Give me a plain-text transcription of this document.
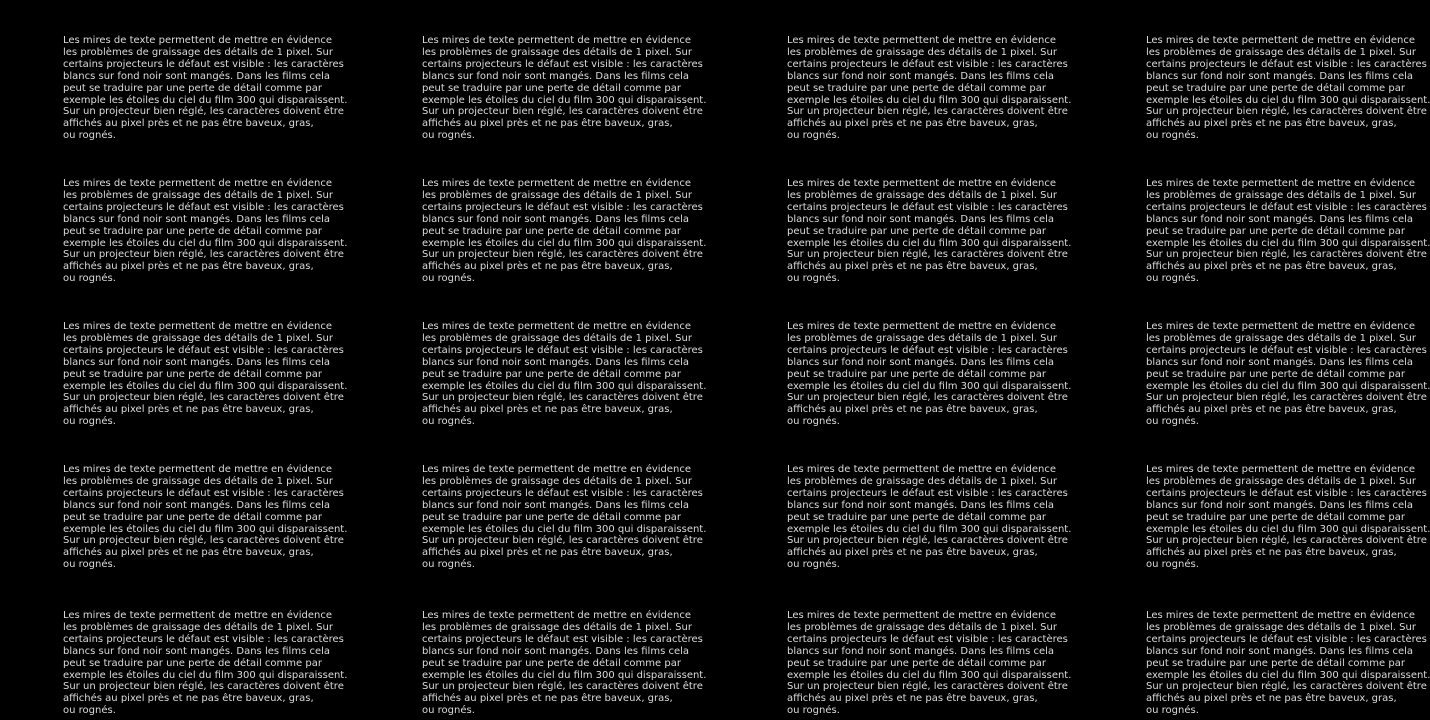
Les mires de texte permettent de mettre en évidence
les problèmes de graissage des détails de 1 pixel. Sur
certains projecteurs le défaut est visible : les caractères
blancs sur fond noir sont mangés. Dans les films cela
peut se traduire par une perte de détail comme par
exemple les étoiles du ciel du film 300 qui disparaissent.
Sur un projecteur bien réglé, les caractères doivent être
affichés au pixel près et ne pas être baveux, gras,
ou rognés.
Les mires de texte permettent de mettre en évidence
les problèmes de graissage des détails de 1 pixel. Sur
certains projecteurs le défaut est visible : les caractères
blancs sur fond noir sont mangés. Dans les films cela
peut se traduire par une perte de détail comme par
exemple les étoiles du ciel du film 300 qui disparaissent.
Sur un projecteur bien réglé, les caractères doivent être
affichés au pixel près et ne pas être baveux, gras,
ou rognés.
Les mires de texte permettent de mettre en évidence
les problèmes de graissage des détails de 1 pixel. Sur
certains projecteurs le défaut est visible : les caractères
blancs sur fond noir sont mangés. Dans les films cela
peut se traduire par une perte de détail comme par
exemple les étoiles du ciel du film 300 qui disparaissent.
Sur un projecteur bien réglé, les caractères doivent être
affichés au pixel près et ne pas être baveux, gras,
ou rognés.
Les mires de texte permettent de mettre en évidence
les problèmes de graissage des détails de 1 pixel. Sur
certains projecteurs le défaut est visible : les caractères
blancs sur fond noir sont mangés. Dans les films cela
peut se traduire par une perte de détail comme par
exemple les étoiles du ciel du film 300 qui disparaissent.
Sur un projecteur bien réglé, les caractères doivent être
affichés au pixel près et ne pas être baveux, gras,
ou rognés.
Les mires de texte permettent de mettre en évidence
les problèmes de graissage des détails de 1 pixel. Sur
certains projecteurs le défaut est visible : les caractères
blancs sur fond noir sont mangés. Dans les films cela
peut se traduire par une perte de détail comme par
exemple les étoiles du ciel du film 300 qui disparaissent.
Sur un projecteur bien réglé, les caractères doivent être
affichés au pixel près et ne pas être baveux, gras,
ou rognés.
Les mires de texte permettent de mettre en évidence
les problèmes de graissage des détails de 1 pixel. Sur
certains projecteurs le défaut est visible : les caractères
blancs sur fond noir sont mangés. Dans les films cela
peut se traduire par une perte de détail comme par
exemple les étoiles du ciel du film 300 qui disparaissent.
Sur un projecteur bien réglé, les caractères doivent être
affichés au pixel près et ne pas être baveux, gras,
ou rognés.
Les mires de texte permettent de mettre en évidence
les problèmes de graissage des détails de 1 pixel. Sur
certains projecteurs le défaut est visible : les caractères
blancs sur fond noir sont mangés. Dans les films cela
peut se traduire par une perte de détail comme par
exemple les étoiles du ciel du film 300 qui disparaissent.
Sur un projecteur bien réglé, les caractères doivent être
affichés au pixel près et ne pas être baveux, gras,
ou rognés.
Les mires de texte permettent de mettre en évidence
les problèmes de graissage des détails de 1 pixel. Sur
certains projecteurs le défaut est visible : les caractères
blancs sur fond noir sont mangés. Dans les films cela
peut se traduire par une perte de détail comme par
exemple les étoiles du ciel du film 300 qui disparaissent.
Sur un projecteur bien réglé, les caractères doivent être
affichés au pixel près et ne pas être baveux, gras,
ou rognés.
Les mires de texte permettent de mettre en évidence
les problèmes de graissage des détails de 1 pixel. Sur
certains projecteurs le défaut est visible : les caractères
blancs sur fond noir sont mangés. Dans les films cela
peut se traduire par une perte de détail comme par
exemple les étoiles du ciel du film 300 qui disparaissent.
Sur un projecteur bien réglé, les caractères doivent être
affichés au pixel près et ne pas être baveux, gras,
ou rognés.
Les mires de texte permettent de mettre en évidence
les problèmes de graissage des détails de 1 pixel. Sur
certains projecteurs le défaut est visible : les caractères
blancs sur fond noir sont mangés. Dans les films cela
peut se traduire par une perte de détail comme par
exemple les étoiles du ciel du film 300 qui disparaissent.
Sur un projecteur bien réglé, les caractères doivent être
affichés au pixel près et ne pas être baveux, gras,
ou rognés.
Les mires de texte permettent de mettre en évidence
les problèmes de graissage des détails de 1 pixel. Sur
certains projecteurs le défaut est visible : les caractères
blancs sur fond noir sont mangés. Dans les films cela
peut se traduire par une perte de détail comme par
exemple les étoiles du ciel du film 300 qui disparaissent.
Sur un projecteur bien réglé, les caractères doivent être
affichés au pixel près et ne pas être baveux, gras,
ou rognés.
Les mires de texte permettent de mettre en évidence
les problèmes de graissage des détails de 1 pixel. Sur
certains projecteurs le défaut est visible : les caractères
blancs sur fond noir sont mangés. Dans les films cela
peut se traduire par une perte de détail comme par
exemple les étoiles du ciel du film 300 qui disparaissent.
Sur un projecteur bien réglé, les caractères doivent être
affichés au pixel près et ne pas être baveux, gras,
ou rognés.
Les mires de texte permettent de mettre en évidence
les problèmes de graissage des détails de 1 pixel. Sur
certains projecteurs le défaut est visible : les caractères
blancs sur fond noir sont mangés. Dans les films cela
peut se traduire par une perte de détail comme par
exemple les étoiles du ciel du film 300 qui disparaissent.
Sur un projecteur bien réglé, les caractères doivent être
affichés au pixel près et ne pas être baveux, gras,
ou rognés.
Les mires de texte permettent de mettre en évidence
les problèmes de graissage des détails de 1 pixel. Sur
certains projecteurs le défaut est visible : les caractères
blancs sur fond noir sont mangés. Dans les films cela
peut se traduire par une perte de détail comme par
exemple les étoiles du ciel du film 300 qui disparaissent.
Sur un projecteur bien réglé, les caractères doivent être
affichés au pixel près et ne pas être baveux, gras,
ou rognés.
Les mires de texte permettent de mettre en évidence
les problèmes de graissage des détails de 1 pixel. Sur
certains projecteurs le défaut est visible : les caractères
blancs sur fond noir sont mangés. Dans les films cela
peut se traduire par une perte de détail comme par
exemple les étoiles du ciel du film 300 qui disparaissent.
Sur un projecteur bien réglé, les caractères doivent être
affichés au pixel près et ne pas être baveux, gras,
ou rognés.
Les mires de texte permettent de mettre en évidence
les problèmes de graissage des détails de 1 pixel. Sur
certains projecteurs le défaut est visible : les caractères
blancs sur fond noir sont mangés. Dans les films cela
peut se traduire par une perte de détail comme par
exemple les étoiles du ciel du film 300 qui disparaissent.
Sur un projecteur bien réglé, les caractères doivent être
affichés au pixel près et ne pas être baveux, gras,
ou rognés.
Les mires de texte permettent de mettre en évidence
les problèmes de graissage des détails de 1 pixel. Sur
certains projecteurs le défaut est visible : les caractères
blancs sur fond noir sont mangés. Dans les films cela
peut se traduire par une perte de détail comme par
exemple les étoiles du ciel du film 300 qui disparaissent.
Sur un projecteur bien réglé, les caractères doivent être
affichés au pixel près et ne pas être baveux, gras,
ou rognés.
Les mires de texte permettent de mettre en évidence
les problèmes de graissage des détails de 1 pixel. Sur
certains projecteurs le défaut est visible : les caractères
blancs sur fond noir sont mangés. Dans les films cela
peut se traduire par une perte de détail comme par
exemple les étoiles du ciel du film 300 qui disparaissent.
Sur un projecteur bien réglé, les caractères doivent être
affichés au pixel près et ne pas être baveux, gras,
ou rognés.
Les mires de texte permettent de mettre en évidence
les problèmes de graissage des détails de 1 pixel. Sur
certains projecteurs le défaut est visible : les caractères
blancs sur fond noir sont mangés. Dans les films cela
peut se traduire par une perte de détail comme par
exemple les étoiles du ciel du film 300 qui disparaissent.
Sur un projecteur bien réglé, les caractères doivent être
affichés au pixel près et ne pas être baveux, gras,
ou rognés.
Les mires de texte permettent de mettre en évidence
les problèmes de graissage des détails de 1 pixel. Sur
certains projecteurs le défaut est visible : les caractères
blancs sur fond noir sont mangés. Dans les films cela
peut se traduire par une perte de détail comme par
exemple les étoiles du ciel du film 300 qui disparaissent.
Sur un projecteur bien réglé, les caractères doivent être
affichés au pixel près et ne pas être baveux, gras,
ou rognés.
